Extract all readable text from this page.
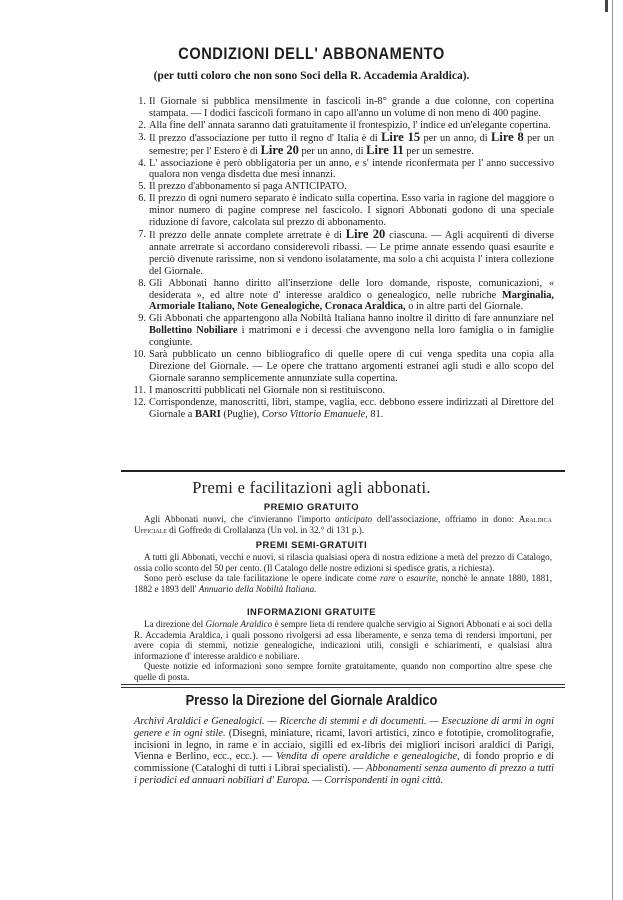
CONDIZIONI DELL' ABBONAMENTO
(per tutti coloro che non sono Soci della R. Accademia Araldica).
1. Il Giornale si pubblica mensilmente in fascicoli in-8° grande a due colonne, con copertina stampata. — I dodici fascicoli formano in capo all'anno un volume di non meno di 400 pagine.
2. Alla fine dell' annata saranno dati gratuitamente il frontespizio, l' indice ed un'elegante copertina.
3. Il prezzo d'associazione per tutto il regno d' Italia è di Lire 15 per un anno, di Lire 8 per un semestre; per l' Estero è di Lire 20 per un anno, di Lire 11 per un semestre.
4. L' associazione è però obbligatoria per un anno, e s' intende riconfermata per l' anno successivo qualora non venga disdetta due mesi innanzi.
5. Il prezzo d'abbonamento si paga ANTICIPATO.
6. Il prezzo di ogni numero separato è indicato sulla copertina. Esso varia in ragione del maggiore o minor numero di pagine comprese nel fascicolo. I signori Abbonati godono di una speciale riduzione di favore, calcolata sul prezzo di abbonamento.
7. Il prezzo delle annate complete arretrate è di Lire 20 ciascuna. — Agli acquirenti di diverse annate arretrate si accordano considerevoli ribassi. — Le prime annate essendo quasi esaurite e perciò divenute rarissime, non si vendono isolatamente, ma solo a chi acquista l' intera collezione del Giornale.
8. Gli Abbonati hanno diritto all'inserzione delle loro domande, risposte, comunicazioni, « desiderata », ed altre note d' interesse araldico o genealogico, nelle rubriche Marginalia, Armoriale Italiano, Note Genealogiche, Cronaca Araldica, o in altre parti del Giornale.
9. Gli Abbonati che appartengono alla Nobiltà Italiana hanno inoltre il diritto di fare annunziare nel Bollettino Nobiliare i matrimoni e i decessi che avvengono nella loro famiglia o in famiglie congiunte.
10. Sarà pubblicato un cenno bibliografico di quelle opere di cui venga spedita una copia alla Direzione del Giornale. — Le opere che trattano argomenti estranei agli studi e allo scopo del Giornale saranno semplicemente annunziate sulla copertina.
11. I manoscritti pubblicati nel Giornale non si restituiscono.
12. Corrispondenze, manoscritti, libri, stampe, vaglia, ecc. debbono essere indirizzati al Direttore del Giornale a BARI (Puglie), Corso Vittorio Emanuele, 81.
Premi e facilitazioni agli abbonati.
PREMIO GRATUITO

Agli Abbonati nuovi, che c'invieranno l'importo anticipato dell'associazione, offriamo in dono: Araldica Ufficiale di Goffredo di Crollalanza (Un vol. in 32.° di 131 p.).

PREMI SEMI-GRATUITI

A tutti gli Abbonati, vecchi e nuovi, si rilascia qualsiasi opera di nostra edizione a metà del prezzo di Catalogo, ossia collo sconto del 50 per cento. (Il Catalogo delle nostre edizioni si spedisce gratis, a richiesta).
Sono però escluse da tale facilitazione le opere indicate come rare o esaurite, nonchè le annate 1880, 1881, 1882 e 1893 dell' Annuario della Nobiltà Italiana.

INFORMAZIONI GRATUITE

La direzione del Giornale Araldico è sempre lieta di rendere qualche servigio ai Signori Abbonati e ai soci della R. Accademia Araldica, i quali possono rivolgersi ad essa liberamente, e senza tema di rendersi importuni, per avere copia di stemmi, notizie genealogiche, indicazioni utili, consigli e schiarimenti, e qualsiasi altra informazione d' interesse araldico e nobiliare.
Queste notizie ed informazioni sono sempre fornite gratuitamente, quando non comportino altre spese che quelle di posta.

Presso la Direzione del Giornale Araldico

Archivi Araldici e Genealogici. — Ricerche di stemmi e di documenti. — Esecuzione di armi in ogni genere e in ogni stile. (Disegni, miniature, ricami, lavori artistici, zinco e fototipie, cromolitografie, incisioni in legno, in rame e in acciaio, sigilli ed ex-libris dei migliori incisori araldici di Parigi, Vienna e Berlino, ecc., ecc.). — Vendita di opere araldiche e genealogiche, di fondo proprio e di commissione (Cataloghi di tutti i Librai specialisti). — Abbonamenti senza aumento di prezzo a tutti i periodici ed annuari nobiliari d' Europa. — Corrispondenti in ogni città.
